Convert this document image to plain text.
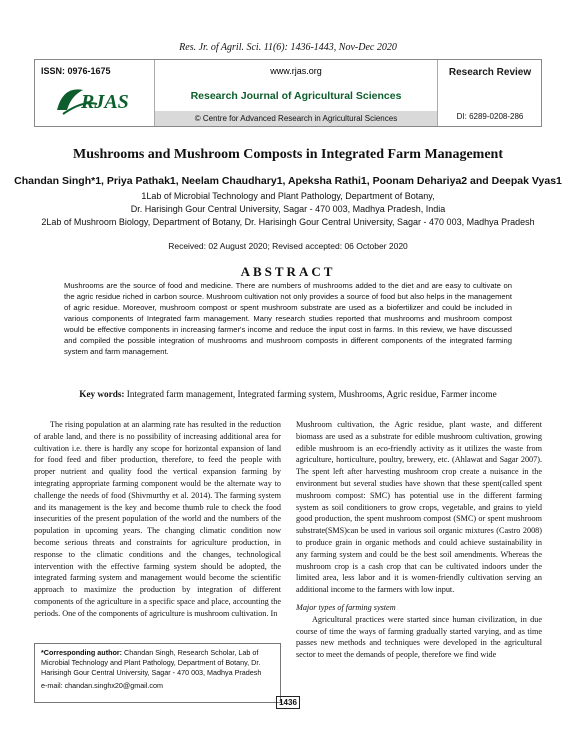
Res. Jr. of Agril. Sci. 11(6): 1436-1443, Nov-Dec 2020
ISSN: 0976-1675
RJAS
www.rjas.org
Research Journal of Agricultural Sciences
© Centre for Advanced Research in Agricultural Sciences
Research Review
DI: 6289-0208-286
Mushrooms and Mushroom Composts in Integrated Farm Management
Chandan Singh*1, Priya Pathak1, Neelam Chaudhary1, Apeksha Rathi1, Poonam Dehariya2 and Deepak Vyas1
1Lab of Microbial Technology and Plant Pathology, Department of Botany,
Dr. Harisingh Gour Central University, Sagar - 470 003, Madhya Pradesh, India
2Lab of Mushroom Biology, Department of Botany, Dr. Harisingh Gour Central University, Sagar - 470 003, Madhya Pradesh
Received: 02 August 2020; Revised accepted: 06 October 2020
ABSTRACT
Mushrooms are the source of food and medicine. There are numbers of mushrooms added to the diet and are easy to cultivate on the agric residue riched in carbon source. Mushroom cultivation not only provides a source of food but also helps in the management of agric residue. Moreover, mushroom compost or spent mushroom substrate are used as a biofertilizer and could be included in various components of Integrated farm management. Many research studies reported that mushrooms and mushroom compost would be effective components in increasing farmer's income and reduce the input cost in farms. In this review, we have discussed and compiled the possible integration of mushrooms and mushroom composts in different components of the integrated farming system and farm management.
Key words: Integrated farm management, Integrated farming system, Mushrooms, Agric residue, Farmer income

The rising population at an alarming rate has resulted in the reduction of arable land, and there is no possibility of increasing additional area for cultivation i.e. there is hardly any scope for horizontal expansion of land for food feed and fiber production, therefore, to feed the people with proper nutrient and quality food the vertical expansion farming by integrating appropriate farming component would be the alternate way to challenge the needs of food (Shivmurthy et al. 2014). The farming system and its management is the key and become thumb rule to check the food insecurities of the present population of the world and the numbers of the population in upcoming years. The changing climatic condition now become serious threats and constraints for agriculture production, in response to the climatic conditions and the changes, technological intervention with the effective farming system should be adopted, the integrated farming system and management would become the scientific approach to maximize the production by integration of different components of the agriculture in a specific space and place, accounting the periods. One of the components of agriculture is mushroom cultivation. In

Mushroom cultivation, the Agric residue, plant waste, and different biomass are used as a substrate for edible mushroom cultivation, growing edible mushroom is an eco-friendly activity as it utilizes the waste from agriculture, horticulture, poultry, brewery, etc. (Ahlawat and Sagar 2007). The spent left after harvesting mushroom crop create a nuisance in the environment but several studies have shown that these spent(called spent mushroom compost: SMC) has potential use in the different farming system as soil conditioners to grow crops, vegetable, and grains to yield good production, the spent mushroom compost (SMC) or spent mushroom substrate(SMS)can be used in various soil organic mixtures (Castro 2008) to produce grain in organic methods and could achieve sustainability in any farming system and could be the best soil amendments. Whereas the mushroom crop is a cash crop that can be cultivated indoors under the limited area, less labor and it is women-friendly cultivation serving an additional income to the farmers with low input.

Major types of farming system

Agricultural practices were started since human civilization, in due course of time the ways of farming gradually started varying, and as time passes new methods and techniques were developed in the agricultural sector to meet the demands of people, therefore we find wide

*Corresponding author: Chandan Singh, Research Scholar, Lab of Microbial Technology and Plant Pathology, Department of Botany, Dr. Harisingh Gour Central University, Sagar - 470 003, Madhya Pradesh
e-mail: chandan.singhx20@gmail.com
1436
